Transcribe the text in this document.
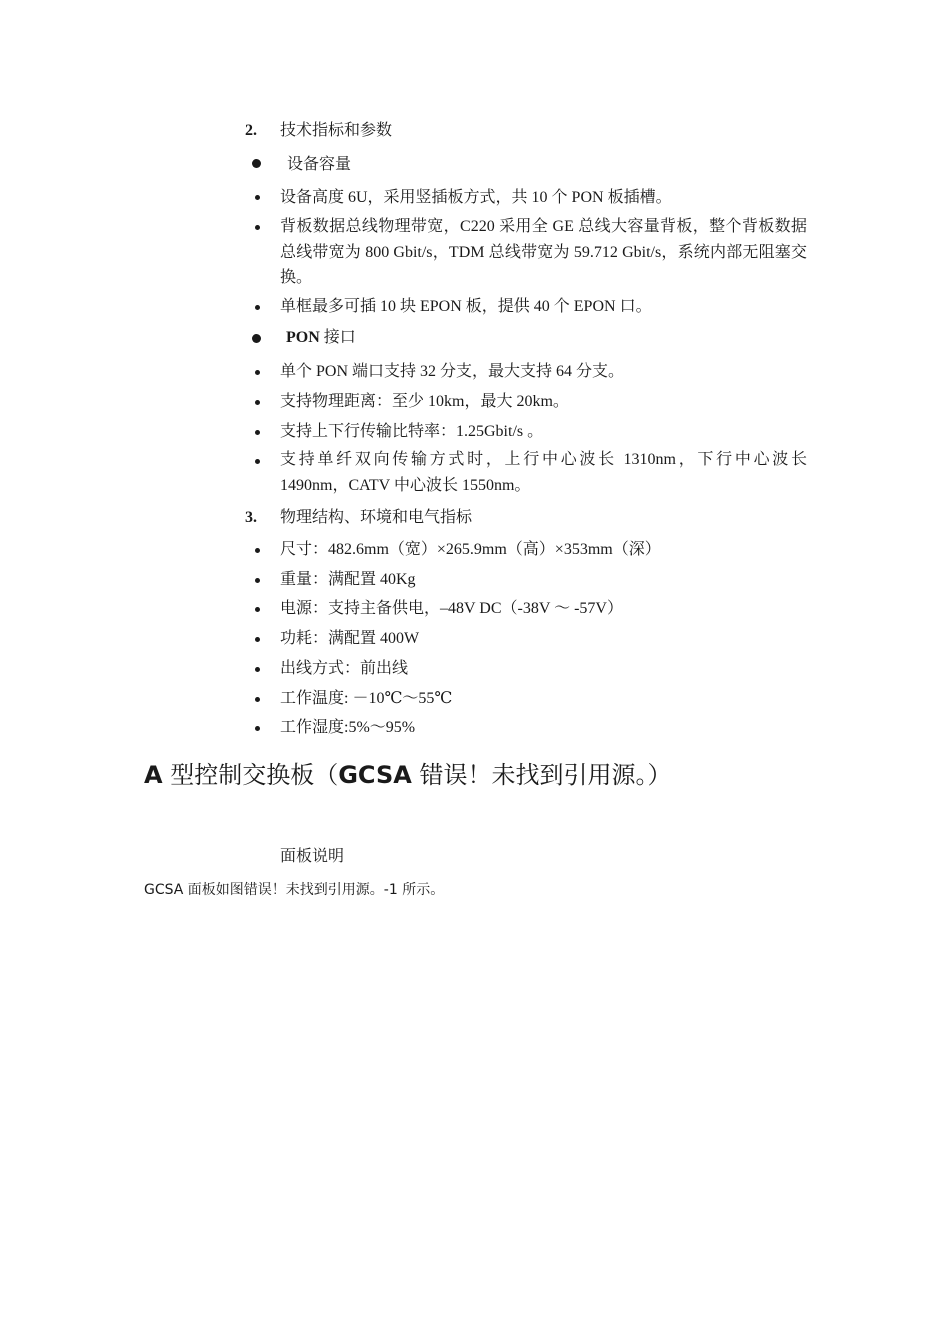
2. 技术指标和参数
设备容量
设备高度 6U，采用竖插板方式，共 10 个 PON 板插槽。
背板数据总线物理带宽，C220 采用全 GE 总线大容量背板，整个背板数据总线带宽为 800 Gbit/s，TDM 总线带宽为 59.712 Gbit/s，系统内部无阻塞交换。
单框最多可插 10 块 EPON 板，提供 40 个 EPON 口。
PON 接口
单个 PON 端口支持 32 分支，最大支持 64 分支。
支持物理距离：至少 10km，最大 20km。
支持上下行传输比特率：1.25Gbit/s 。
支持单纤双向传输方式时，上行中心波长 1310nm，下行中心波长 1490nm，CATV 中心波长 1550nm。
3. 物理结构、环境和电气指标
尺寸：482.6mm（宽）×265.9mm（高）×353mm（深）
重量：满配置 40Kg
电源：支持主备供电，–48V DC（-38V ～ -57V）
功耗：满配置 400W
出线方式：前出线
工作温度: －10℃～55℃
工作湿度:5%～95%
A 型控制交换板（GCSA 错误！未找到引用源。）
面板说明
GCSA 面板如图错误！未找到引用源。-1 所示。
